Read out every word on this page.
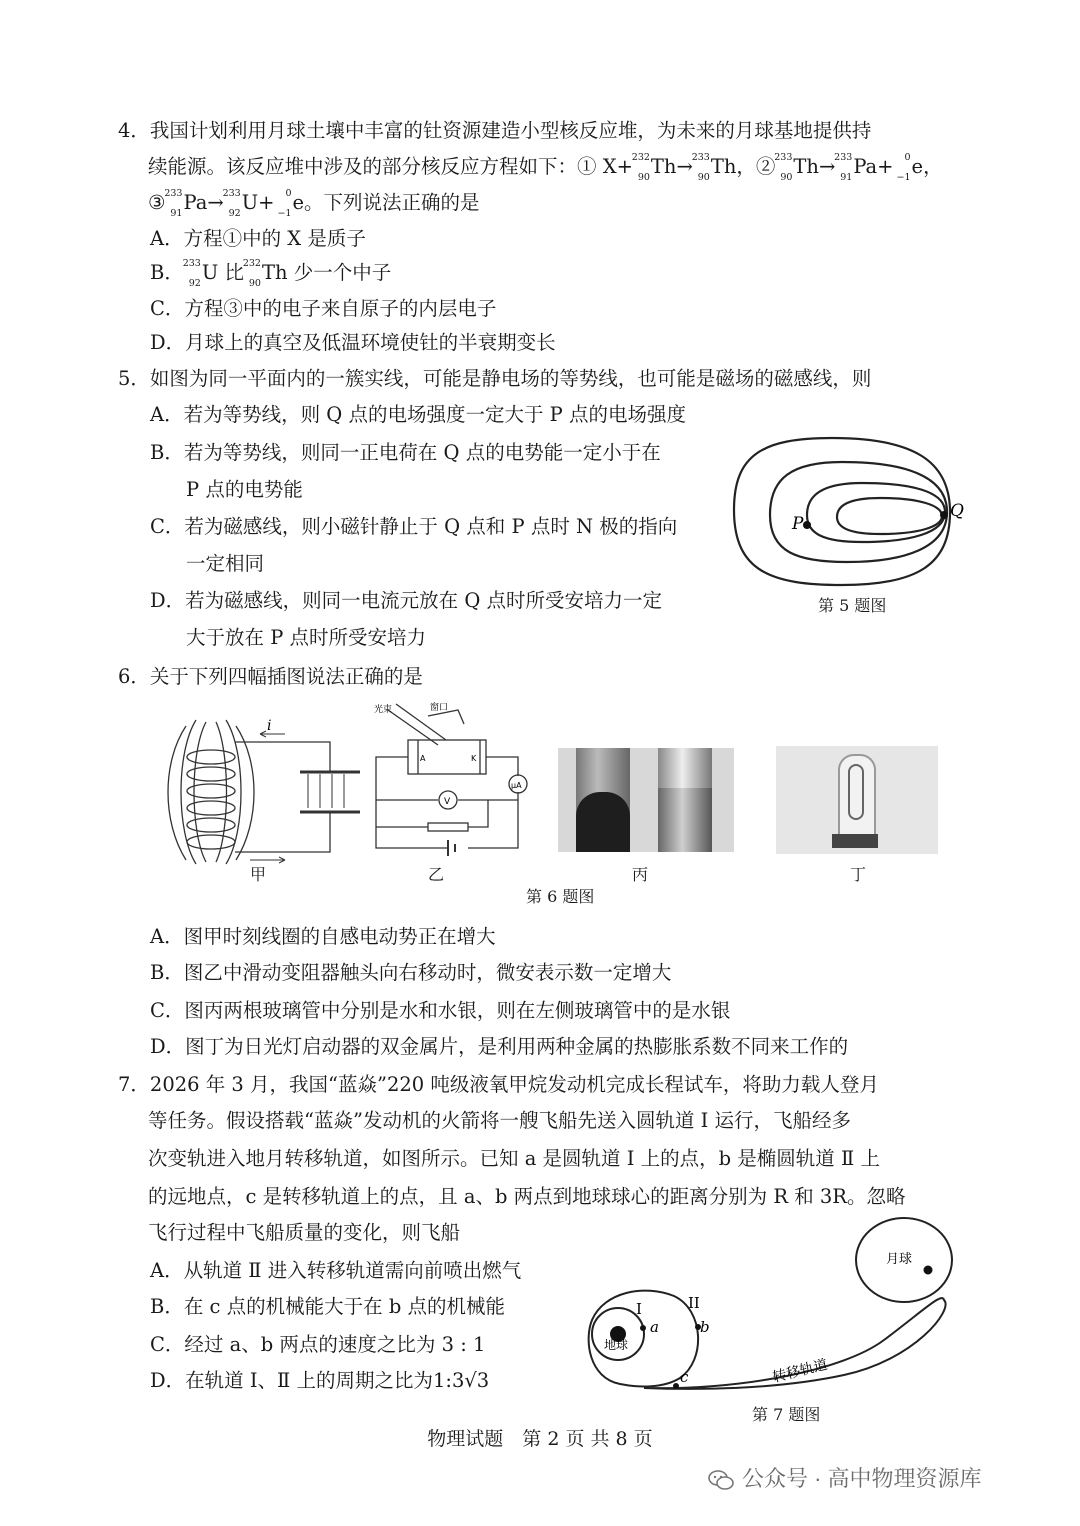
4．我国计划利用月球土壤中丰富的钍资源建造小型核反应堆，为未来的月球基地提供持
续能源。该反应堆中涉及的部分核反应方程如下：① X+
232
90 Th→
233
90 Th，②
233
90 Th→
233
91 Pa+ 0
−1 e，
③
233
91 Pa→
233
92 U+ 0
−1 e。下列说法正确的是
A．方程①中的 X 是质子
B．
233
92 U 比
232
90 Th 少一个中子
C．方程③中的电子来自原子的内层电子
D．月球上的真空及低温环境使钍的半衰期变长
5．如图为同一平面内的一簇实线，可能是静电场的等势线，也可能是磁场的磁感线，则
A．若为等势线，则 Q 点的电场强度一定大于 P 点的电场强度
B．若为等势线，则同一正电荷在 Q 点的电势能一定小于在
P 点的电势能
C．若为磁感线，则小磁针静止于 Q 点和 P 点时 N 极的指向
一定相同
D．若为磁感线，则同一电流元放在 Q 点时所受安培力一定
大于放在 P 点时所受安培力
P
Q
第 5 题图
6．关于下列四幅插图说法正确的是
i
甲
光束	窗口
A	K
V
μA
乙	丙	丁
第 6 题图
A．图甲时刻线圈的自感电动势正在增大
B．图乙中滑动变阻器触头向右移动时，微安表示数一定增大
C．图丙两根玻璃管中分别是水和水银，则在左侧玻璃管中的是水银
D．图丁为日光灯启动器的双金属片，是利用两种金属的热膨胀系数不同来工作的
7．2026 年 3 月，我国“蓝焱”220 吨级液氧甲烷发动机完成长程试车，将助力载人登月
等任务。假设搭载“蓝焱”发动机的火箭将一艘飞船先送入圆轨道 Ⅰ 运行，飞船经多
次变轨进入地月转移轨道，如图所示。已知 a 是圆轨道 Ⅰ 上的点，b 是椭圆轨道 Ⅱ 上
的远地点，c 是转移轨道上的点，且 a、b 两点到地球球心的距离分别为 R 和 3R。忽略
飞行过程中飞船质量的变化，则飞船
A．从轨道 Ⅱ 进入转移轨道需向前喷出燃气
B．在 c 点的机械能大于在 b 点的机械能
C．经过 a、b 两点的速度之比为 3 : 1
D．在轨道 Ⅰ、Ⅱ 上的周期之比为1:3√3
月球
地球
I	II
a	b
c	转移轨道
第 7 题图
物理试题　第 2 页 共 8 页
公众号 · 高中物理资源库
